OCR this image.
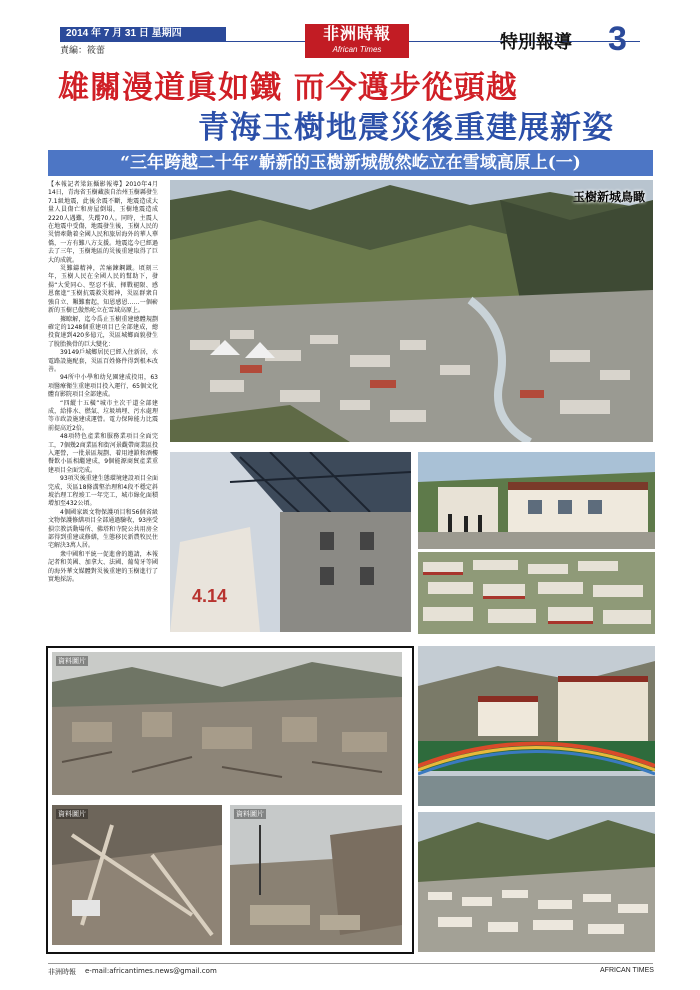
2014 年 7 月 31 日 星期四
責編：筱蕾
非洲時報
African Times	特別報導 3
雄關漫道眞如鐵 而今邁步從頭越
青海玉樹地震災後重建展新姿
“三年跨越二十年”嶄新的玉樹新城傲然屹立在雪域高原上(一)

【本報記者梁鈺攝影報導】2010年4月14日，青海省玉樹藏族自治州玉樹縣發生7.1級地震，此後余震不斷，地震造成大量人員傷亡和房屋倒塌，玉樹地震造成2220人遇難，失蹤70人。同時，主震人在地震中受傷，地震發生後，玉樹人民的災情牽動着全國人民和旅居海外的華人華僑，一方有難八方支援。地震迄今已經過去了三年，玉樹地區的災後重建取得了巨大的成就。

災難鑄精神，苦痛鍊鋼鐵。頃刻三年，玉樹人民在全國人民的幫助下，發揚“大愛同心、堅忍不拔、揮戰褪限、感恩奮進”玉樹抗震救災精神，災區群衆自強自立、艱難奮起，知恩感恩……一個嶄新的玉樹已傲然屹立在雪域高原上。

據瞭解，迄今爲止玉樹重建總體規劃確定的1248個重建項目已全部建成，總投資達到420多億元，災區城鄉面貌發生了脫胎換骨的巨大變化：

39149戶城鄉居民已經入住新居，水電路設施配套，災區百姓條件得到根本改善。

94所中小學和幼兒園建成投用，63項醫療衛生重建項目投入運行，65個文化體育影院項目全部建成。

“四縱十五橫”城市主次干道全部建成，給排水、燃氣、垃圾填埋、污水處理等市政設施建成運營。電力保障能力比震前提高近2倍。

48項特色產業和服務業項目全面完工，7個幾2商業區和街河景觀帶商業區投入運營，一批景區規劃、着用連鎖和酒樓餐飲小區相繼建成，9個能源商貿產業重建項目全面完成。

93項災後重建生態環境建設項目全面完成，災區18條溝壑治理和4段不穩定斜坡治理工程竣工一年完工，城市綠化面積增加至432公頃。

4個國家級文物保護項目和56個省級文物保護修繕項目全部通過驗收，93座受損宗教活動場所、佛塔和寺院公共用房全部得到重建或修繕，生態移民新農牧民住宅解決3萬人居。

衆中國和平統一促進會的邀請，本報記者和美國、加拿大、法國、葡萄牙等國的海外華文媒體對災後重建的玉樹進行了實地採訪。

玉樹新城鳥瞰
4.14
資料圖片
資料圖片	資料圖片
非洲時報 e-mail:africantimes.news@gmail.com	AFRICAN TIMES
